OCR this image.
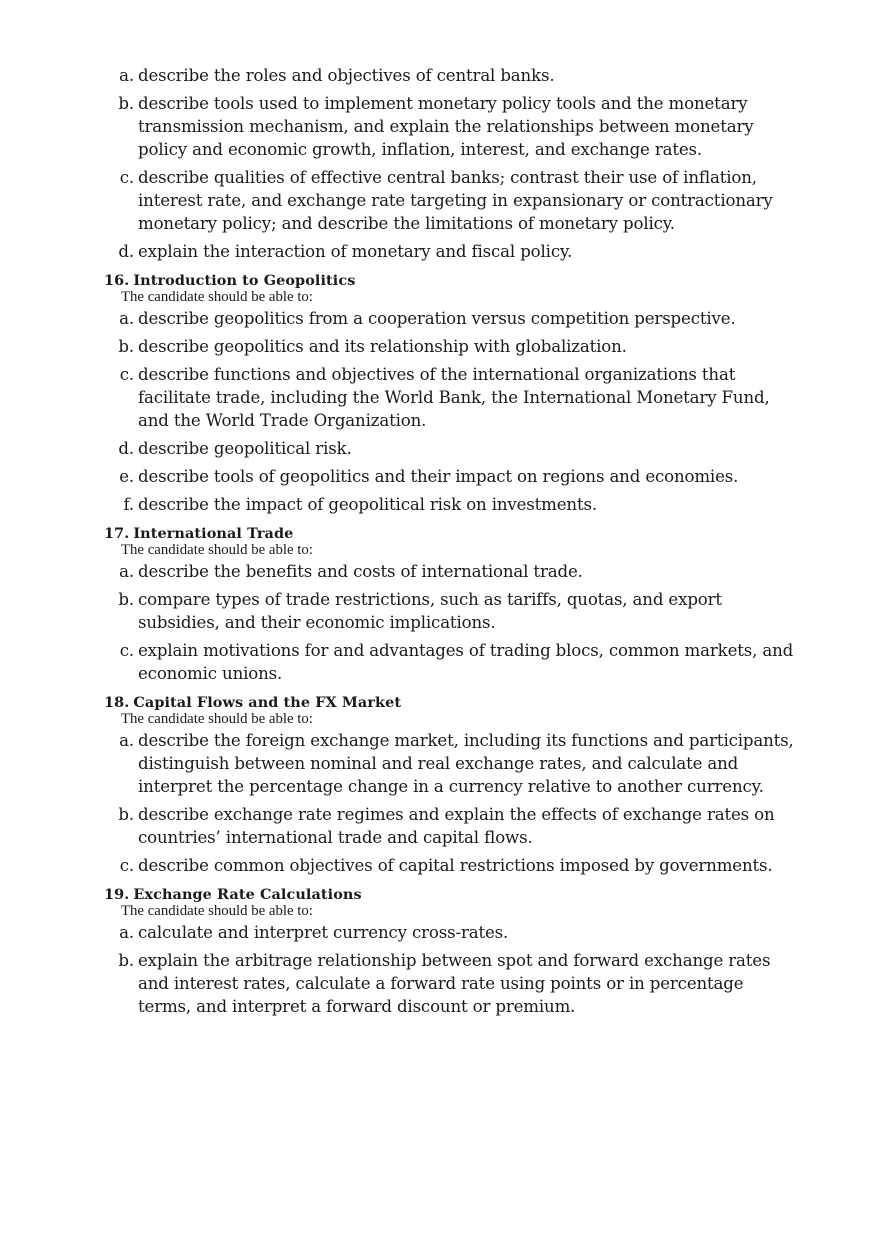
a. describe the roles and objectives of central banks.
b. describe tools used to implement monetary policy tools and the monetary transmission mechanism, and explain the relationships between monetary policy and economic growth, inflation, interest, and exchange rates.
c. describe qualities of effective central banks; contrast their use of inflation, interest rate, and exchange rate targeting in expansionary or contractionary monetary policy; and describe the limitations of monetary policy.
d. explain the interaction of monetary and fiscal policy.
16. Introduction to Geopolitics

The candidate should be able to:

a. describe geopolitics from a cooperation versus competition perspective.
b. describe geopolitics and its relationship with globalization.
c. describe functions and objectives of the international organizations that facilitate trade, including the World Bank, the International Monetary Fund, and the World Trade Organization.
d. describe geopolitical risk.
e. describe tools of geopolitics and their impact on regions and economies.
f. describe the impact of geopolitical risk on investments.
17. International Trade

The candidate should be able to:

a. describe the benefits and costs of international trade.
b. compare types of trade restrictions, such as tariffs, quotas, and export subsidies, and their economic implications.
c. explain motivations for and advantages of trading blocs, common markets, and economic unions.
18. Capital Flows and the FX Market

The candidate should be able to:

a. describe the foreign exchange market, including its functions and participants, distinguish between nominal and real exchange rates, and calculate and interpret the percentage change in a currency relative to another currency.
b. describe exchange rate regimes and explain the effects of exchange rates on countries’ international trade and capital flows.
c. describe common objectives of capital restrictions imposed by governments.
19. Exchange Rate Calculations

The candidate should be able to:

a. calculate and interpret currency cross-rates.
b. explain the arbitrage relationship between spot and forward exchange rates and interest rates, calculate a forward rate using points or in percentage terms, and interpret a forward discount or premium.
